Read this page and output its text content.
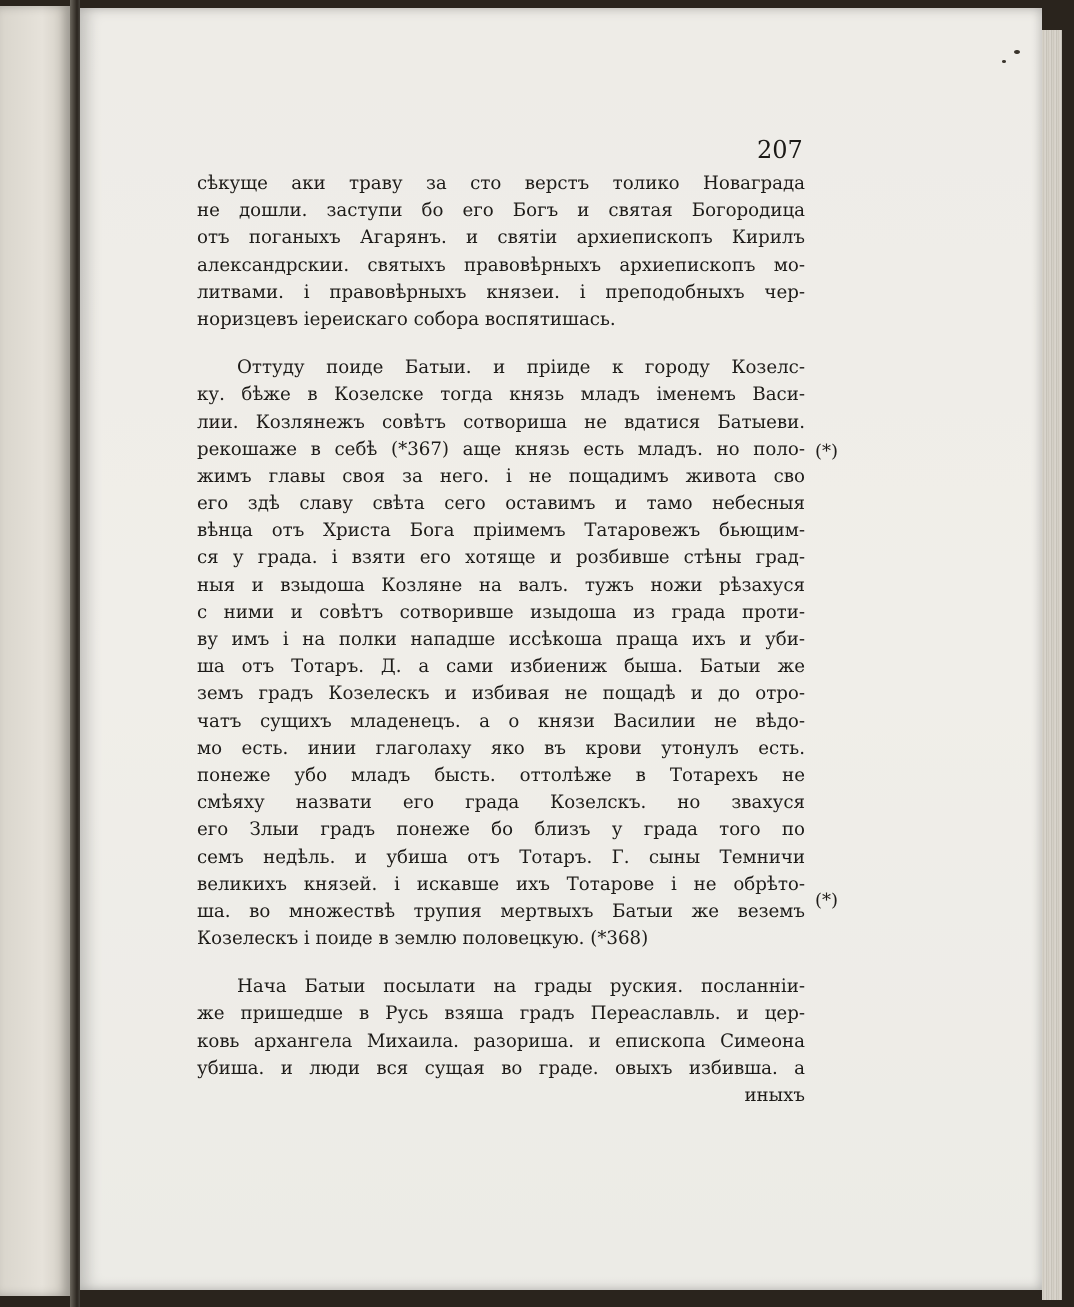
207
сѣкуще аки траву за сто верстъ толико Новаграда
не дошли. заступи бо его Богъ и святая Богородица
отъ поганыхъ Агарянъ. и святіи архиепископъ Кирилъ
александрскии. святыхъ правовѣрныхъ архиепископъ мо-
литвами. і правовѣрныхъ князеи. і преподобныхъ чер-
норизцевъ іереискаго собора воспятишась.
Оттуду поиде Батыи. и пріиде к городу Козелс-
ку. бѣже в Козелске тогда князь младъ іменемъ Васи-
лии. Козлянежъ совѣтъ сотвориша не вдатися Батыеви.
рекошаже в себѣ (*367) аще князь есть младъ. но поло-
жимъ главы своя за него. і не пощадимъ живота сво
его здѣ славу свѣта сего оставимъ и тамо небесныя
вѣнца отъ Христа Бога пріимемъ Татаровежъ бьющим-
ся у града. і взяти его хотяще и розбивше стѣны град-
ныя и взыдоша Козляне на валъ. тужъ ножи рѣзахуся
с ними и совѣтъ сотворивше изыдоша из града проти-
ву имъ і на полки нападше иссѣкоша праща ихъ и уби-
ша отъ Тотаръ. Д. а сами избиениж быша. Батыи же
земъ градъ Козелескъ и избивая не пощадѣ и до отро-
чатъ сущихъ младенецъ. а о князи Василии не вѣдо-
мо есть. инии глаголаху яко въ крови утонулъ есть.
понеже убо младъ бысть. оттолѣже в Тотарехъ не
смѣяху назвати его града Козелскъ. но звахуся
его Злыи градъ понеже бо близъ у града того по
семъ недѣль. и убиша отъ Тотаръ. Г. сыны Темничи
великихъ князей. і искавше ихъ Тотарове і не обрѣто-
ша. во множествѣ трупия мертвыхъ Батыи же веземъ
Козелескъ і поиде в землю половецкую. (*368)
Нача Батыи посылати на грады руския. посланніи-
же пришедше в Русь взяша градъ Переаславль. и цер-
ковь архангела Михаила. разориша. и епископа Симеона
убиша. и люди вся сущая во граде. овыхъ избивша. а
иныхъ
(*)
(*)
